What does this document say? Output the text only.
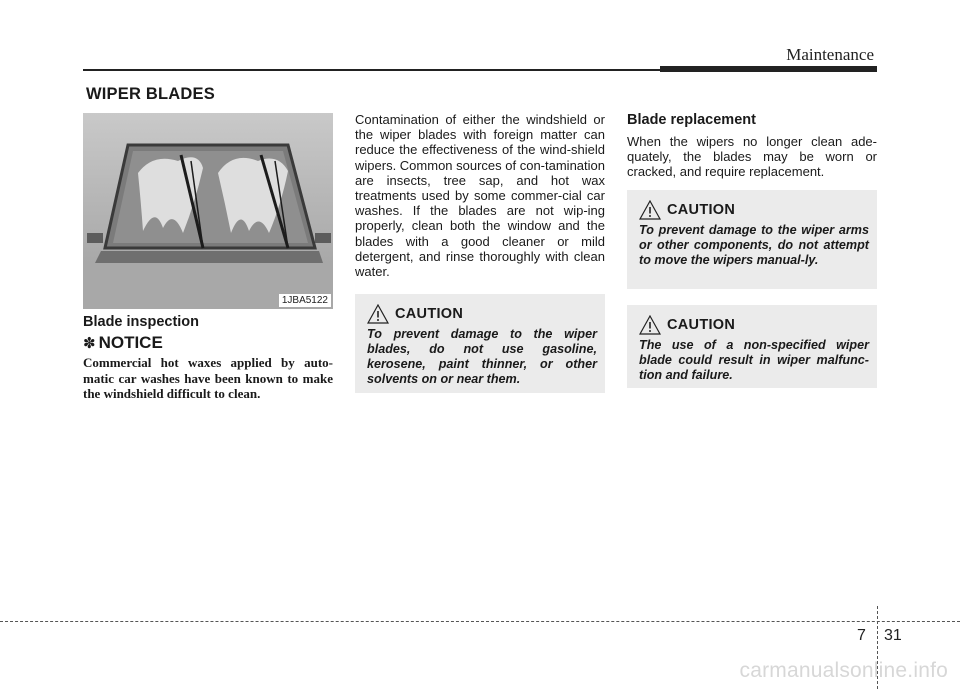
Maintenance
WIPER BLADES
1JBA5122
Blade inspection
✽ NOTICE
Commercial hot waxes applied by auto-matic car washes have been known to make the windshield difficult to clean.

Contamination of either the windshield or the wiper blades with foreign matter can reduce the effectiveness of the wind-shield wipers. Common sources of con-tamination are insects, tree sap, and hot wax treatments used by some commer-cial car washes. If the blades are not wip-ing properly, clean both the window and the blades with a good cleaner or mild detergent, and rinse thoroughly with clean water.

CAUTION
To prevent damage to the wiper blades, do not use gasoline, kerosene, paint thinner, or other solvents on or near them.
Blade replacement

When the wipers no longer clean ade-quately, the blades may be worn or cracked, and require replacement.

CAUTION
To prevent damage to the wiper arms or other components, do not attempt to move the wipers manual-ly.
CAUTION
The use of a non-specified wiper blade could result in wiper malfunc-tion and failure.
7 31
carmanualsonline.info
